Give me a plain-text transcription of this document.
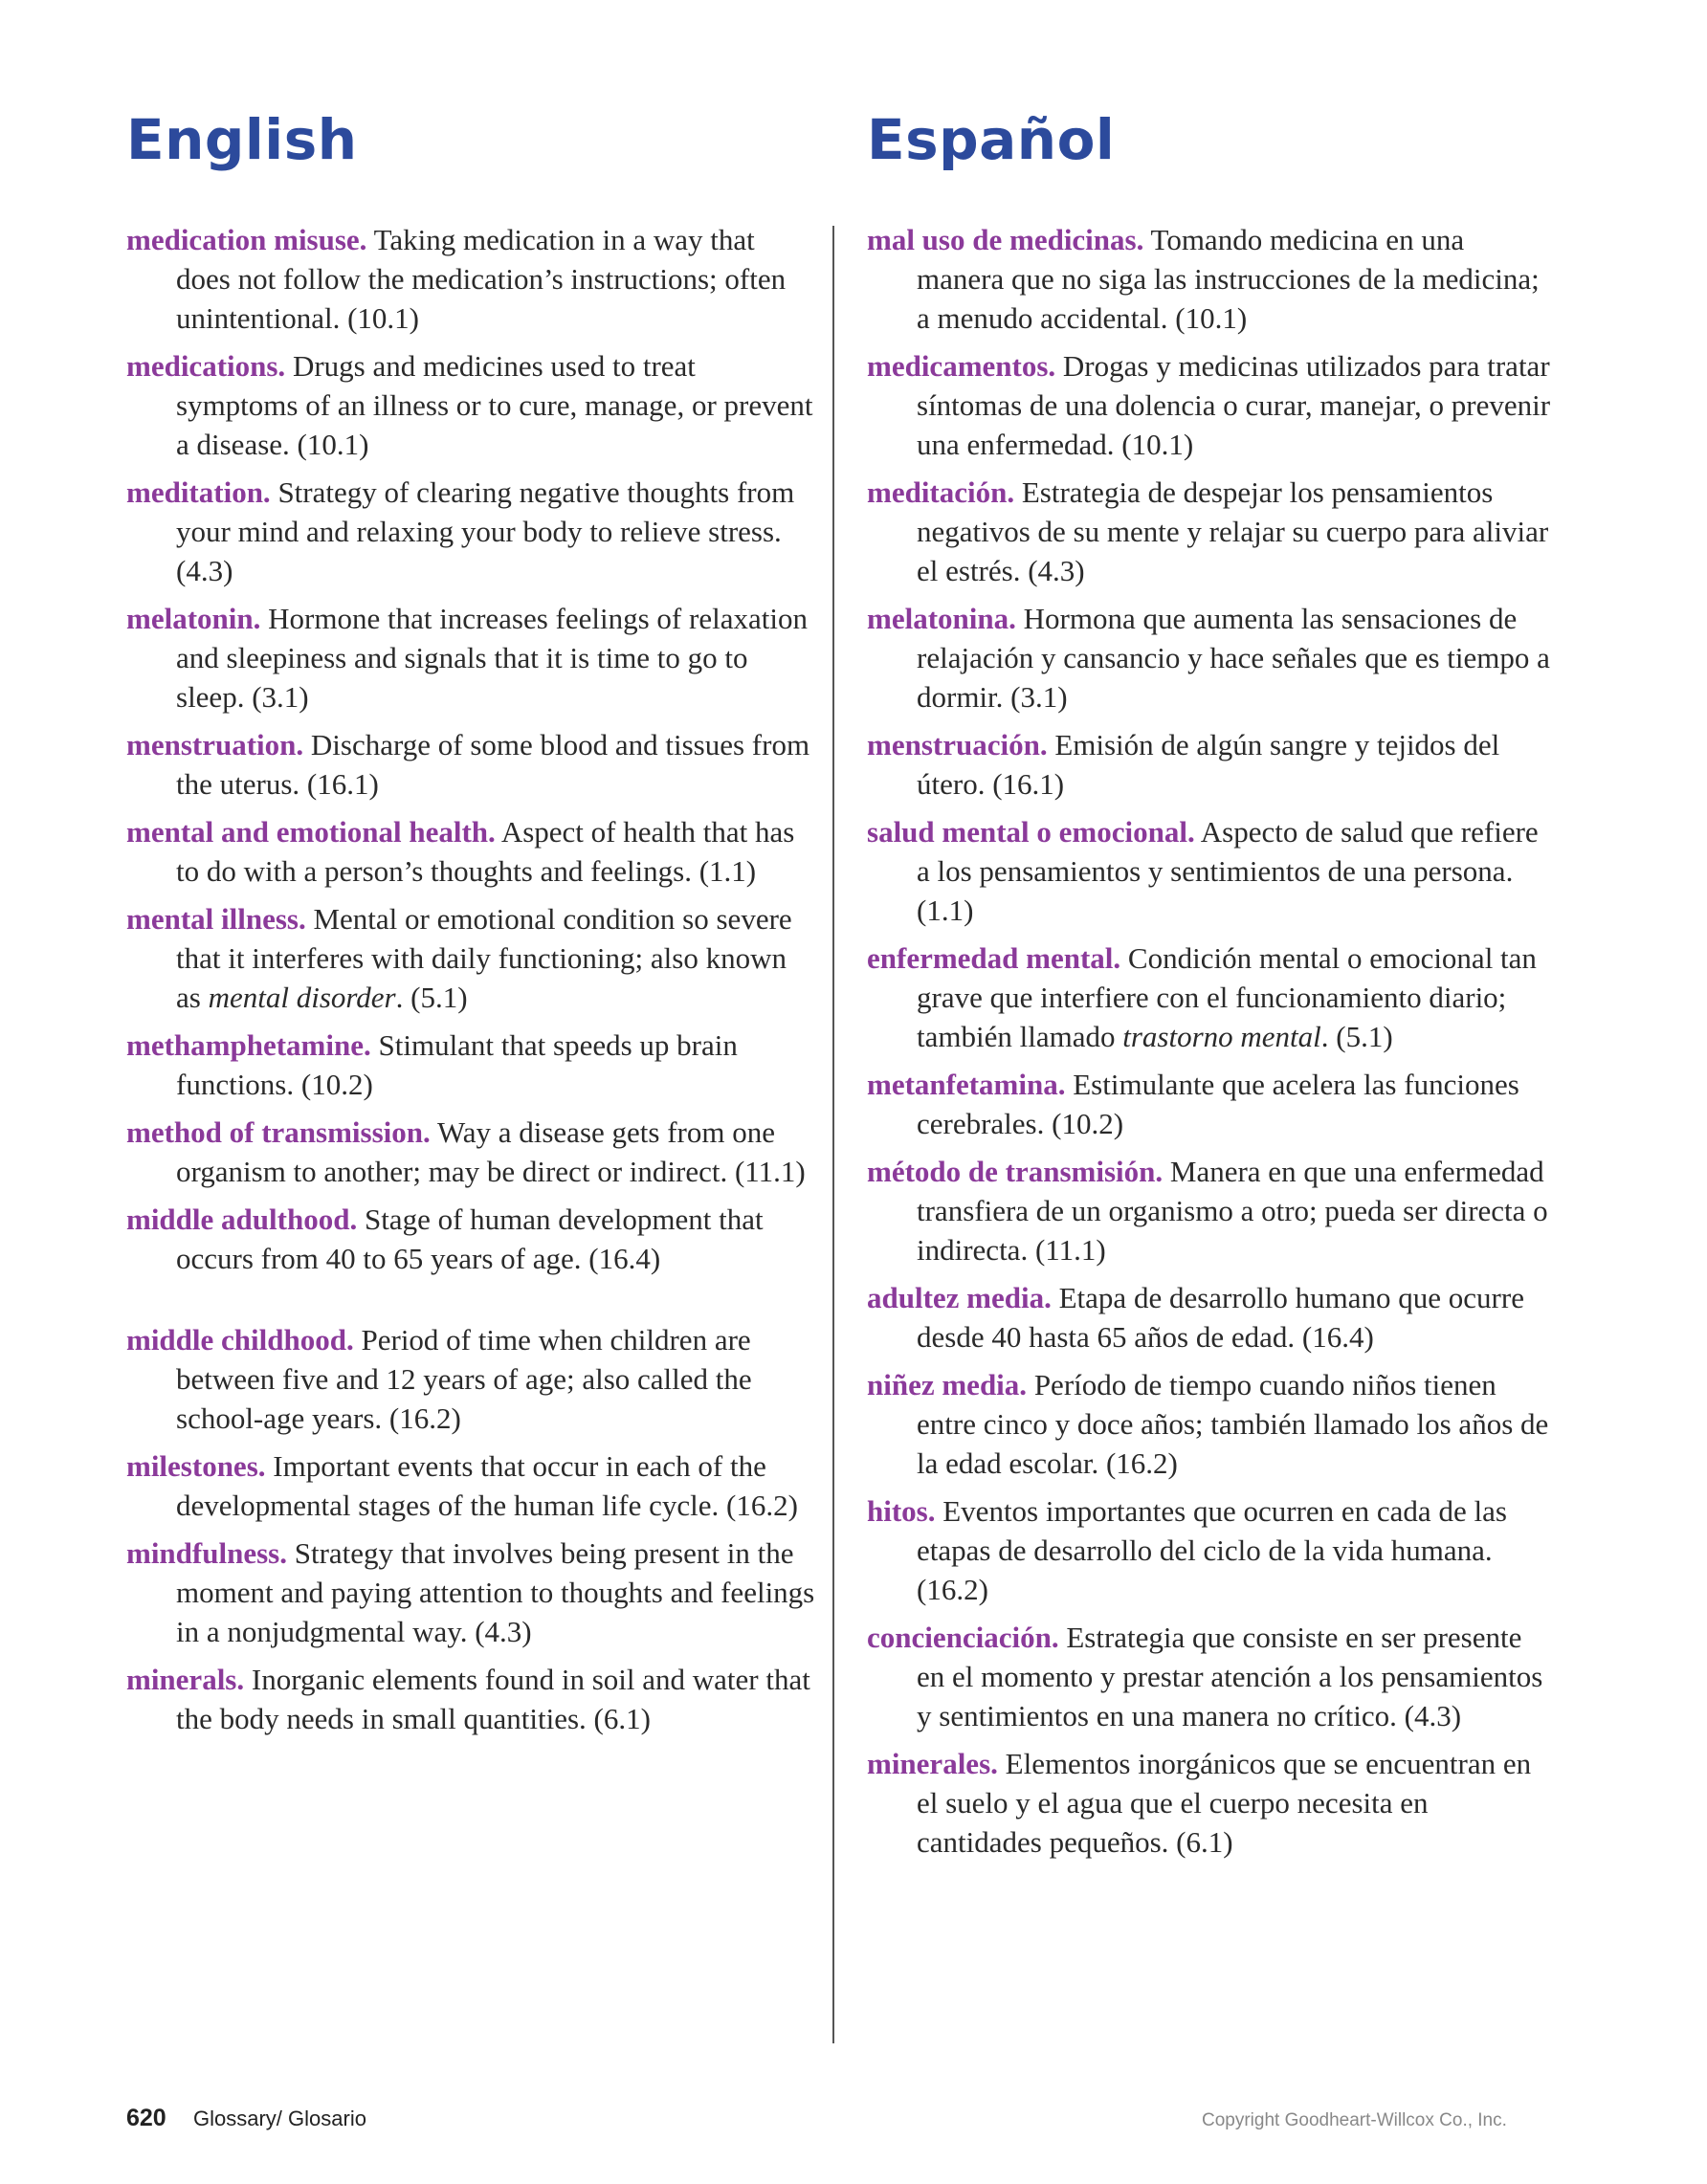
English	Español

medication misuse. Taking medication in a way that does not follow the medication’s instructions; often unintentional. (10.1)

medications. Drugs and medicines used to treat symptoms of an illness or to cure, manage, or prevent a disease. (10.1)

meditation. Strategy of clearing negative thoughts from your mind and relaxing your body to relieve stress. (4.3)

melatonin. Hormone that increases feelings of relaxation and sleepiness and signals that it is time to go to sleep. (3.1)

menstruation. Discharge of some blood and tissues from the uterus. (16.1)

mental and emotional health. Aspect of health that has to do with a person’s thoughts and feelings. (1.1)

mental illness. Mental or emotional condition so severe that it interferes with daily functioning; also known as mental disorder. (5.1)

methamphetamine. Stimulant that speeds up brain functions. (10.2)

method of transmission. Way a disease gets from one organism to another; may be direct or indirect. (11.1)

middle adulthood. Stage of human development that occurs from 40 to 65 years of age. (16.4)

middle childhood. Period of time when children are between five and 12 years of age; also called the school-age years. (16.2)

milestones. Important events that occur in each of the developmental stages of the human life cycle. (16.2)

mindfulness. Strategy that involves being present in the moment and paying attention to thoughts and feelings in a nonjudgmental way. (4.3)

minerals. Inorganic elements found in soil and water that the body needs in small quantities. (6.1)

mal uso de medicinas. Tomando medicina en una manera que no siga las instrucciones de la medicina; a menudo accidental. (10.1)

medicamentos. Drogas y medicinas utilizados para tratar síntomas de una dolencia o curar, manejar, o prevenir una enfermedad. (10.1)

meditación. Estrategia de despejar los pensamientos negativos de su mente y relajar su cuerpo para aliviar el estrés. (4.3)

melatonina. Hormona que aumenta las sensaciones de relajación y cansancio y hace señales que es tiempo a dormir. (3.1)

menstruación. Emisión de algún sangre y tejidos del útero. (16.1)

salud mental o emocional. Aspecto de salud que refiere a los pensamientos y sentimientos de una persona. (1.1)

enfermedad mental. Condición mental o emocional tan grave que interfiere con el funcionamiento diario; también llamado trastorno mental. (5.1)

metanfetamina. Estimulante que acelera las funciones cerebrales. (10.2)

método de transmisión. Manera en que una enfermedad transfiera de un organismo a otro; pueda ser directa o indirecta. (11.1)

adultez media. Etapa de desarrollo humano que ocurre desde 40 hasta 65 años de edad. (16.4)

niñez media. Período de tiempo cuando niños tienen entre cinco y doce años; también llamado los años de la edad escolar. (16.2)

hitos. Eventos importantes que ocurren en cada de las etapas de desarrollo del ciclo de la vida humana. (16.2)

concienciación. Estrategia que consiste en ser presente en el momento y prestar atención a los pensamientos y sentimientos en una manera no crítico. (4.3)

minerales. Elementos inorgánicos que se encuentran en el suelo y el agua que el cuerpo necesita en cantidades pequeños. (6.1)

620 Glossary/ Glosario	Copyright Goodheart-Willcox Co., Inc.
